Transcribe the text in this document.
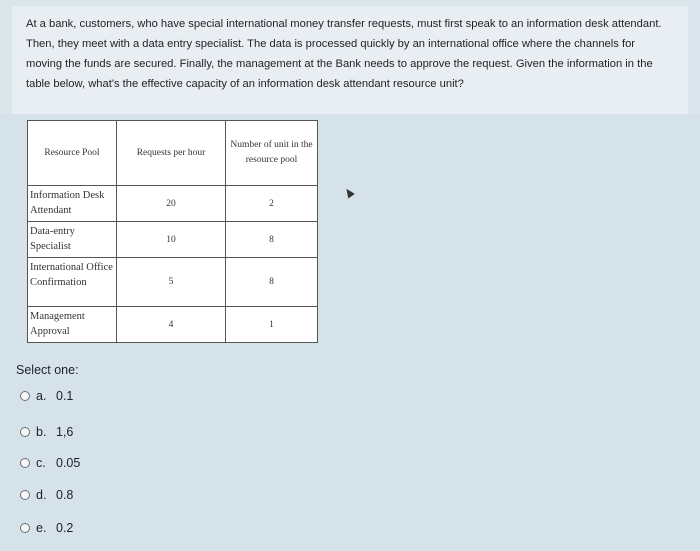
At a bank, customers, who have special international money transfer requests, must first speak to an information desk attendant. Then, they meet with a data entry specialist. The data is processed quickly by an international office where the channels for moving the funds are secured. Finally, the management at the Bank needs to approve the request. Given the information in the table below, what's the effective capacity of an information desk attendant resource unit?
Resource Pool	Requests per hour	Number of unit in the resource pool
Information Desk Attendant	20	2
Data-entry Specialist	10	8
International Office Confirmation	5	8
Management Approval	4	1
Select one:
a. 0.1
b. 1,6
c. 0.05
d. 0.8
e. 0.2
